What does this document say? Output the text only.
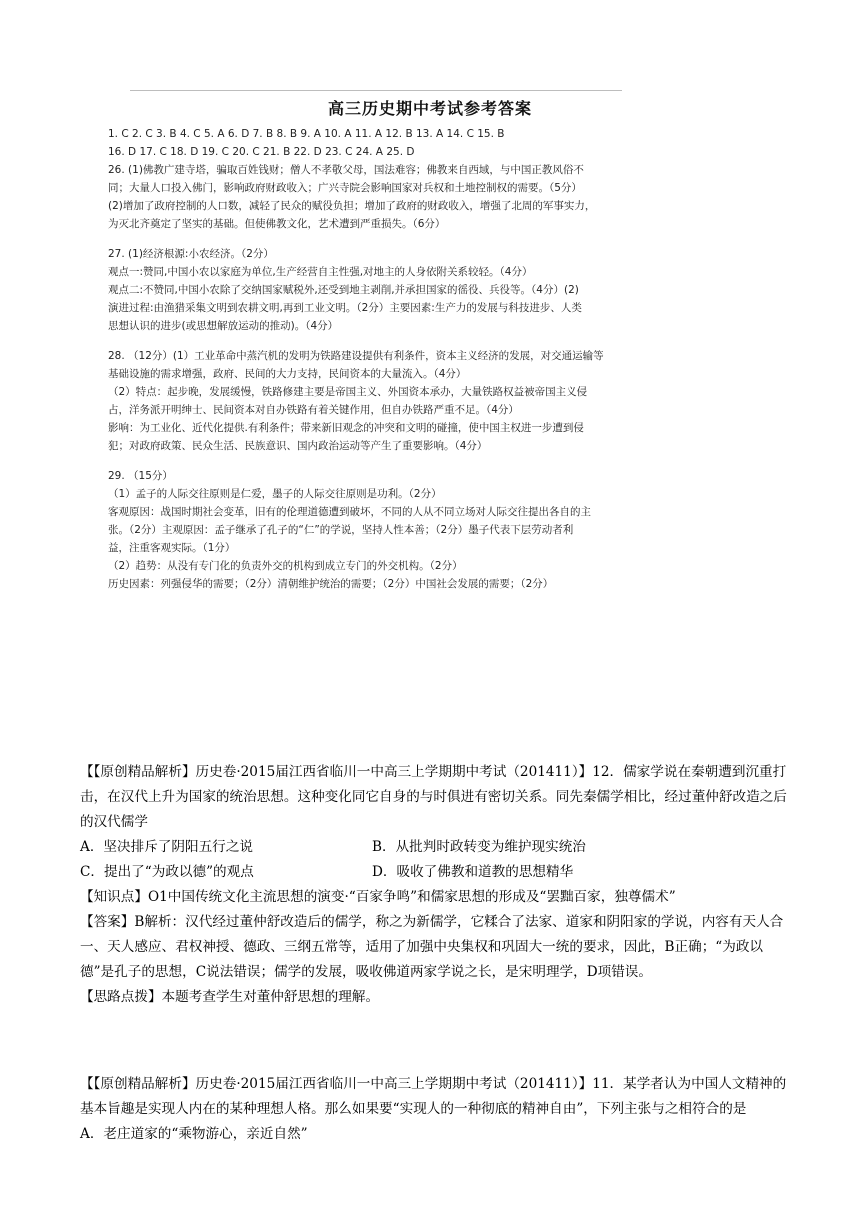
高三历史期中考试参考答案
1. C 2. C 3. B 4. C 5. A 6. D 7. B 8. B 9. A 10. A 11. A 12. B 13. A 14. C 15. B
16. D 17. C 18. D 19. C 20. C 21. B 22. D 23. C 24. A 25. D
26. (1)佛教广建寺塔，骗取百姓钱财；僧人不孝敬父母，国法难容；佛教来自西域，与中国正教风俗不
同；大量人口投入佛门，影响政府财政收入；广兴寺院会影响国家对兵权和土地控制权的需要。（5分）
(2)增加了政府控制的人口数，减轻了民众的赋役负担；增加了政府的财政收入，增强了北周的军事实力，
为灭北齐奠定了坚实的基础。但使佛教文化，艺术遭到严重损失。（6分）
27. (1)经济根源:小农经济。（2分）
观点一:赞同,中国小农以家庭为单位,生产经营自主性强,对地主的人身依附关系较轻。（4分）
观点二:不赞同,中国小农除了交纳国家赋税外,还受到地主剥削,并承担国家的徭役、兵役等。（4分）(2)
演进过程:由渔猎采集文明到农耕文明,再到工业文明。（2分）主要因素:生产力的发展与科技进步、人类
思想认识的进步(或思想解放运动的推动)。（4分）
28. （12分）(1）工业革命中蒸汽机的发明为铁路建设提供有利条件，资本主义经济的发展，对交通运输等
基础设施的需求增强，政府、民间的大力支持，民间资本的大量流入。（4分）
（2）特点：起步晚，发展缓慢，铁路修建主要是帝国主义、外国资本承办，大量铁路权益被帝国主义侵
占，洋务派开明绅士、民间资本对自办铁路有着关键作用，但自办铁路严重不足。（4分）
影响：为工业化、近代化提供.有利条件；带来新旧观念的冲突和文明的碰撞，使中国主权进一步遭到侵
犯；对政府政策、民众生活、民族意识、国内政治运动等产生了重要影响。（4分）
29. （15分）
（1）孟子的人际交往原则是仁爱，墨子的人际交往原则是功利。（2分）
客观原因：战国时期社会变革，旧有的伦理道德遭到破坏，不同的人从不同立场对人际交往提出各自的主
张。（2分）主观原因：孟子继承了孔子的“仁”的学说，坚持人性本善；（2分）墨子代表下层劳动者利
益，注重客观实际。（1分）
（2）趋势：从没有专门化的负责外交的机构到成立专门的外交机构。（2分）
历史因素：列强侵华的需要；（2分）清朝维护统治的需要；（2分）中国社会发展的需要；（2分）

【【原创精品解析】历史卷·2015届江西省临川一中高三上学期期中考试（201411）】12．儒家学说在秦朝遭到沉重打击，在汉代上升为国家的统治思想。这种变化同它自身的与时俱进有密切关系。同先秦儒学相比，经过董仲舒改造之后的汉代儒学

A．坚决排斥了阴阳五行之说	B．从批判时政转变为维护现实统治
C．提出了“为政以德”的观点	D．吸收了佛教和道教的思想精华

【知识点】O1中国传统文化主流思想的演变·“百家争鸣”和儒家思想的形成及“罢黜百家，独尊儒术”

【答案】B解析：汉代经过董仲舒改造后的儒学，称之为新儒学，它糅合了法家、道家和阴阳家的学说，内容有天人合一、天人感应、君权神授、德政、三纲五常等，适用了加强中央集权和巩固大一统的要求，因此，B正确；“为政以德”是孔子的思想，C说法错误；儒学的发展，吸收佛道两家学说之长，是宋明理学，D项错误。

【思路点拨】本题考查学生对董仲舒思想的理解。

【【原创精品解析】历史卷·2015届江西省临川一中高三上学期期中考试（201411）】11．某学者认为中国人文精神的基本旨趣是实现人内在的某种理想人格。那么如果要“实现人的一种彻底的精神自由”，下列主张与之相符合的是

A．老庄道家的“乘物游心，亲近自然”
